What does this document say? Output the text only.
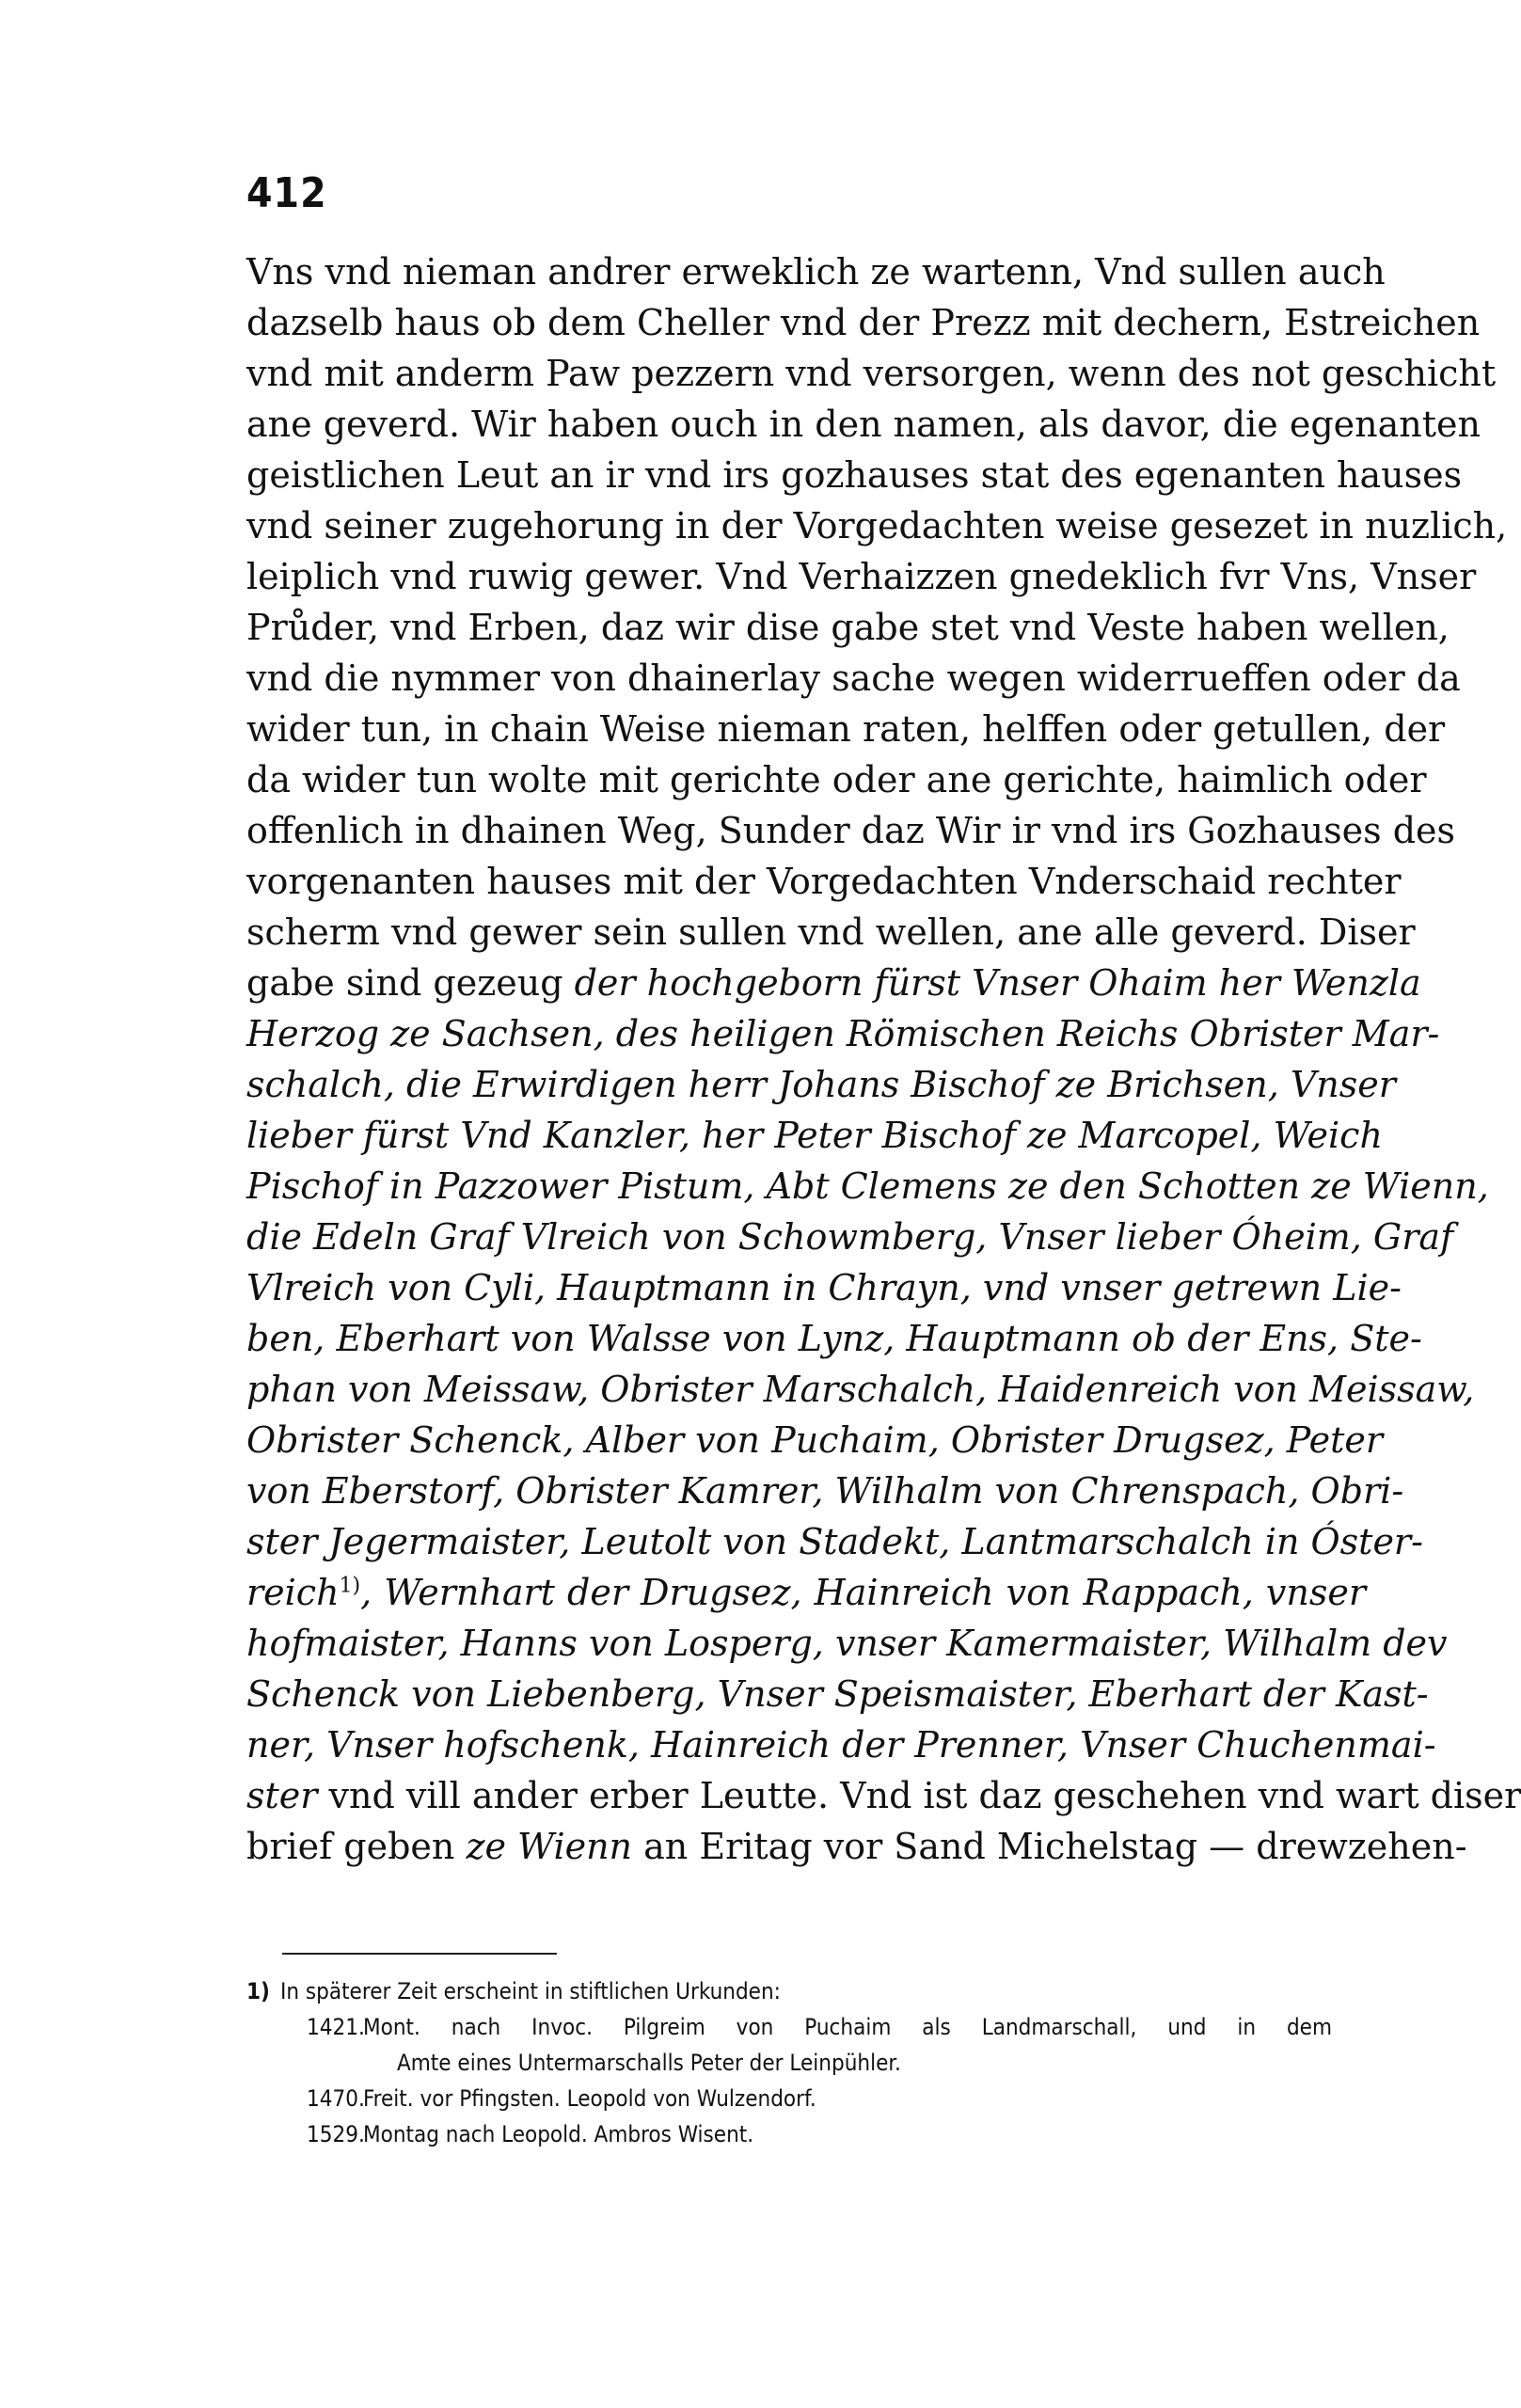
412
Vns vnd nieman andrer erweklich ze wartenn, Vnd sullen auch
dazselb haus ob dem Cheller vnd der Prezz mit dechern, Estreichen
vnd mit anderm Paw pezzern vnd versorgen, wenn des not geschicht
ane geverd. Wir haben ouch in den namen, als davor, die egenanten
geistlichen Leut an ir vnd irs gozhauses stat des egenanten hauses
vnd seiner zugehorung in der Vorgedachten weise gesezet in nuzlich,
leiplich vnd ruwig gewer. Vnd Verhaizzen gnedeklich fvr Vns, Vnser
Průder, vnd Erben, daz wir dise gabe stet vnd Veste haben wellen,
vnd die nymmer von dhainerlay sache wegen widerrueffen oder da
wider tun, in chain Weise nieman raten, helffen oder getullen, der
da wider tun wolte mit gerichte oder ane gerichte, haimlich oder
offenlich in dhainen Weg, Sunder daz Wir ir vnd irs Gozhauses des
vorgenanten hauses mit der Vorgedachten Vnderschaid rechter
scherm vnd gewer sein sullen vnd wellen, ane alle geverd. Diser
gabe sind gezeug der hochgeborn fürst Vnser Ohaim her Wenzla
Herzog ze Sachsen, des heiligen Römischen Reichs Obrister Mar-
schalch, die Erwirdigen herr Johans Bischof ze Brichsen, Vnser
lieber fürst Vnd Kanzler, her Peter Bischof ze Marcopel, Weich
Pischof in Pazzower Pistum, Abt Clemens ze den Schotten ze Wienn,
die Edeln Graf Vlreich von Schowmberg, Vnser lieber Óheim, Graf
Vlreich von Cyli, Hauptmann in Chrayn, vnd vnser getrewn Lie-
ben, Eberhart von Walsse von Lynz, Hauptmann ob der Ens, Ste-
phan von Meissaw, Obrister Marschalch, Haidenreich von Meissaw,
Obrister Schenck, Alber von Puchaim, Obrister Drugsez, Peter
von Eberstorf, Obrister Kamrer, Wilhalm von Chrenspach, Obri-
ster Jegermaister, Leutolt von Stadekt, Lantmarschalch in Óster-
reich$^{1)}$, Wernhart der Drugsez, Hainreich von Rappach, vnser
hofmaister, Hanns von Losperg, vnser Kamermaister, Wilhalm dev
Schenck von Liebenberg, Vnser Speismaister, Eberhart der Kast-
ner, Vnser hofschenk, Hainreich der Prenner, Vnser Chuchenmai-
ster vnd vill ander erber Leutte. Vnd ist daz geschehen vnd wart diser
brief geben ze Wienn an Eritag vor Sand Michelstag — drewzehen-
1) In späterer Zeit erscheint in stiftlichen Urkunden:
1421.Mont. nach Invoc. Pilgreim von Puchaim als Landmarschall, und in dem
Amte eines Untermarschalls Peter der Leinpühler.
1470.Freit. vor Pfingsten. Leopold von Wulzendorf.
1529.Montag nach Leopold. Ambros Wisent.
